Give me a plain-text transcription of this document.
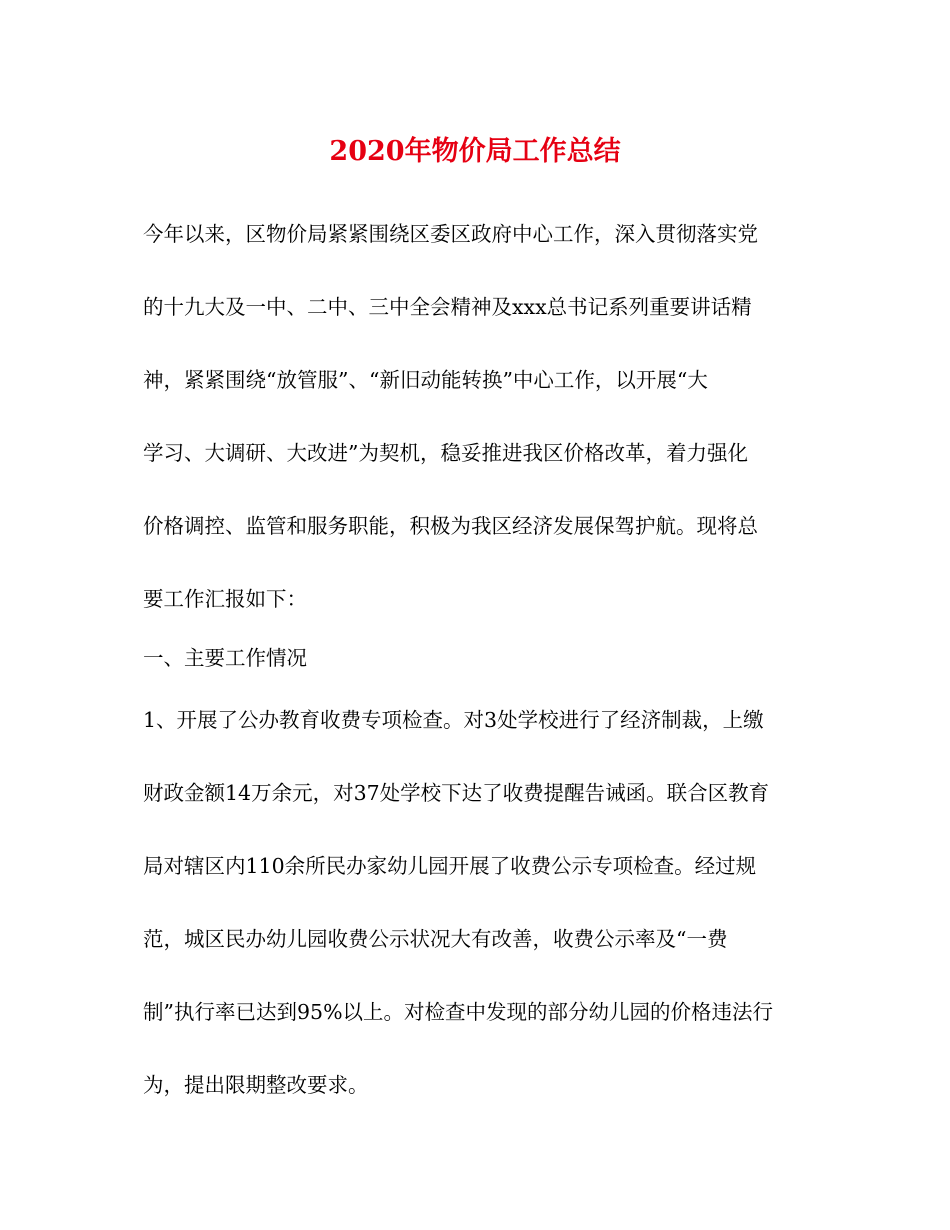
2020年物价局工作总结
今年以来，区物价局紧紧围绕区委区政府中心工作，深入贯彻落实党
的十九大及一中、二中、三中全会精神及xxx总书记系列重要讲话精
神，紧紧围绕“放管服”、“新旧动能转换”中心工作，以开展“大
学习、大调研、大改进”为契机，稳妥推进我区价格改革，着力强化
价格调控、监管和服务职能，积极为我区经济发展保驾护航。现将总
要工作汇报如下：
一、主要工作情况
1、开展了公办教育收费专项检查。对3处学校进行了经济制裁，上缴
财政金额14万余元，对37处学校下达了收费提醒告诫函。联合区教育
局对辖区内110余所民办家幼儿园开展了收费公示专项检查。经过规
范，城区民办幼儿园收费公示状况大有改善，收费公示率及“一费
制”执行率已达到95%以上。对检查中发现的部分幼儿园的价格违法行
为，提出限期整改要求。
